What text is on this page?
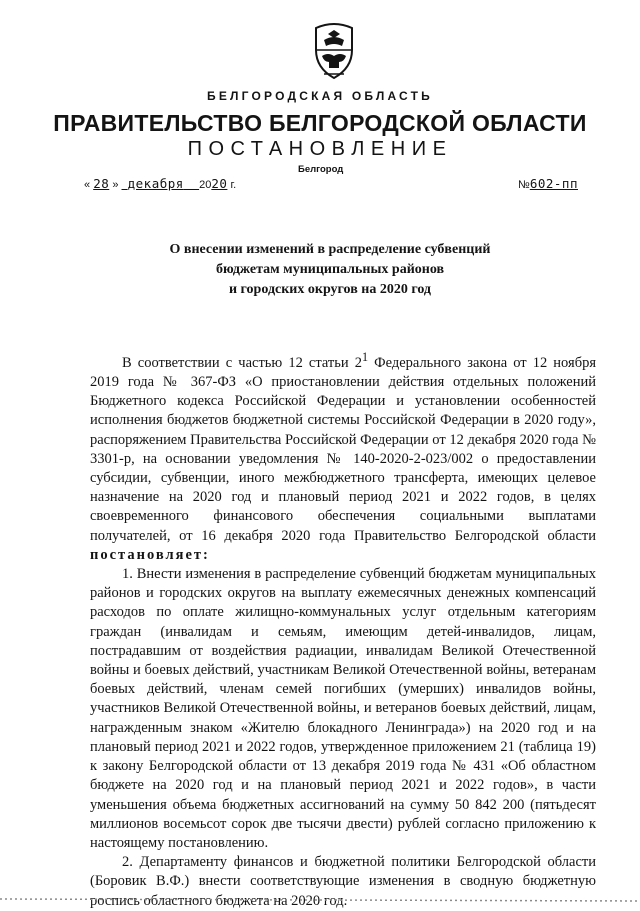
БЕЛГОРОДСКАЯ ОБЛАСТЬ
ПРАВИТЕЛЬСТВО БЕЛГОРОДСКОЙ ОБЛАСТИ
ПОСТАНОВЛЕНИЕ
Белгород
« 28 » декабря 2020 г.	№602-пп
О внесении изменений в распределение субвенций
бюджетам муниципальных районов
и городских округов на 2020 год

В соответствии с частью 12 статьи $2^1$ Федерального закона от 12 ноября 2019 года № 367-ФЗ «О приостановлении действия отдельных положений Бюджетного кодекса Российской Федерации и установлении особенностей исполнения бюджетов бюджетной системы Российской Федерации в 2020 году», распоряжением Правительства Российской Федерации от 12 декабря 2020 года № 3301-р, на основании уведомления № 140-2020-2-023/002 о предоставлении субсидии, субвенции, иного межбюджетного трансферта, имеющих целевое назначение на 2020 год и плановый период 2021 и 2022 годов, в целях своевременного финансового обеспечения социальными выплатами получателей, от 16 декабря 2020 года Правительство Белгородской области постановляет:

1. Внести изменения в распределение субвенций бюджетам муниципальных районов и городских округов на выплату ежемесячных денежных компенсаций расходов по оплате жилищно-коммунальных услуг отдельным категориям граждан (инвалидам и семьям, имеющим детей-инвалидов, лицам, пострадавшим от воздействия радиации, инвалидам Великой Отечественной войны и боевых действий, участникам Великой Отечественной войны, ветеранам боевых действий, членам семей погибших (умерших) инвалидов войны, участников Великой Отечественной войны, и ветеранов боевых действий, лицам, награжденным знаком «Жителю блокадного Ленинграда») на 2020 год и на плановый период 2021 и 2022 годов, утвержденное приложением 21 (таблица 19) к закону Белгородской области от 13 декабря 2019 года № 431 «Об областном бюджете на 2020 год и на плановый период 2021 и 2022 годов», в части уменьшения объема бюджетных ассигнований на сумму 50 842 200 (пятьдесят миллионов восемьсот сорок две тысячи двести) рублей согласно приложению к настоящему постановлению.

2. Департаменту финансов и бюджетной политики Белгородской области (Боровик В.Ф.) внести соответствующие изменения в сводную бюджетную роспись областного бюджета на 2020 год.
